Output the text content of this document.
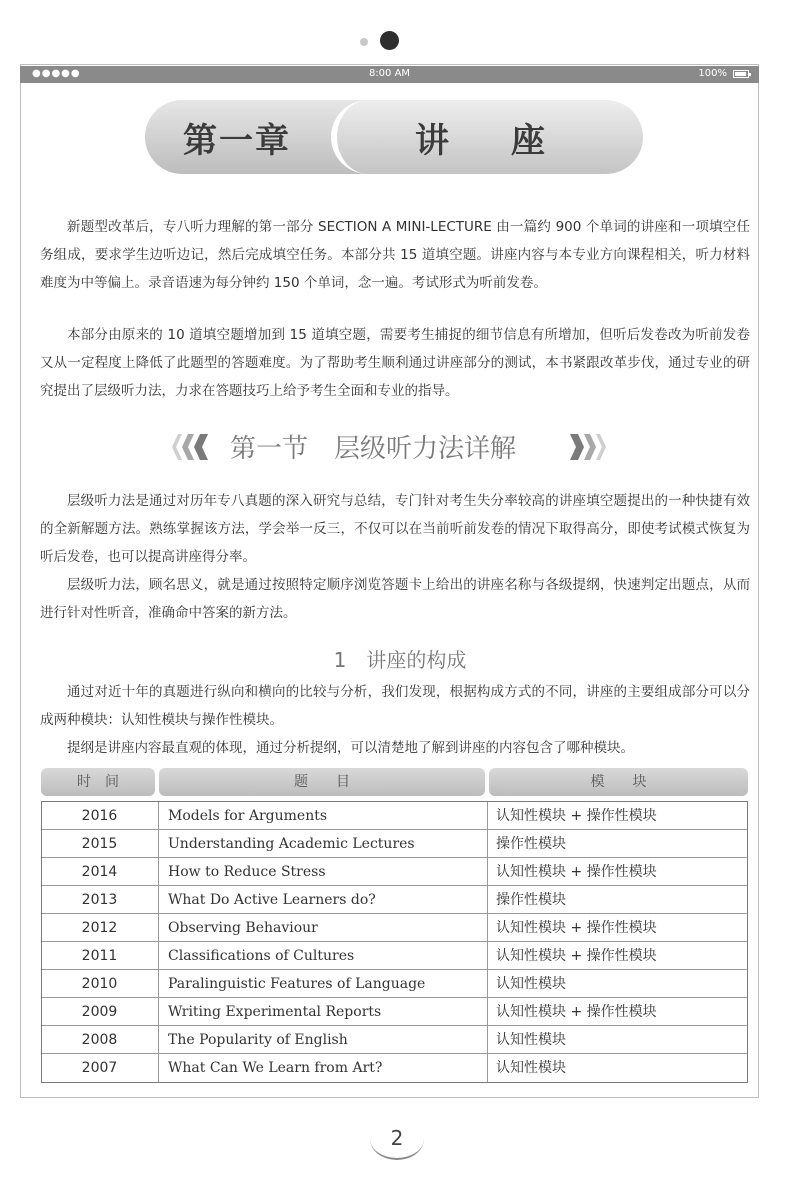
●●●●●	8:00 AM	100%
第一章	讲座

新题型改革后，专八听力理解的第一部分 SECTION A MINI-LECTURE 由一篇约 900 个单词的讲座和一项填空任务组成，要求学生边听边记，然后完成填空任务。本部分共 15 道填空题。讲座内容与本专业方向课程相关，听力材料难度为中等偏上。录音语速为每分钟约 150 个单词，念一遍。考试形式为听前发卷。

本部分由原来的 10 道填空题增加到 15 道填空题，需要考生捕捉的细节信息有所增加，但听后发卷改为听前发卷又从一定程度上降低了此题型的答题难度。为了帮助考生顺利通过讲座部分的测试，本书紧跟改革步伐，通过专业的研究提出了层级听力法，力求在答题技巧上给予考生全面和专业的指导。

第一节　层级听力法详解

层级听力法是通过对历年专八真题的深入研究与总结，专门针对考生失分率较高的讲座填空题提出的一种快捷有效的全新解题方法。熟练掌握该方法，学会举一反三，不仅可以在当前听前发卷的情况下取得高分，即使考试模式恢复为听后发卷，也可以提高讲座得分率。

层级听力法，顾名思义，就是通过按照特定顺序浏览答题卡上给出的讲座名称与各级提纲，快速判定出题点，从而进行针对性听音，准确命中答案的新方法。

1　讲座的构成

通过对近十年的真题进行纵向和横向的比较与分析，我们发现，根据构成方式的不同，讲座的主要组成部分可以分成两种模块：认知性模块与操作性模块。

提纲是讲座内容最直观的体现，通过分析提纲，可以清楚地了解到讲座的内容包含了哪种模块。

时　间	题　　目	模　　块
2016	Models for Arguments	认知性模块 + 操作性模块
2015	Understanding Academic Lectures	操作性模块
2014	How to Reduce Stress	认知性模块 + 操作性模块
2013	What Do Active Learners do?	操作性模块
2012	Observing Behaviour	认知性模块 + 操作性模块
2011	Classifications of Cultures	认知性模块 + 操作性模块
2010	Paralinguistic Features of Language	认知性模块
2009	Writing Experimental Reports	认知性模块 + 操作性模块
2008	The Popularity of English	认知性模块
2007	What Can We Learn from Art?	认知性模块
2
